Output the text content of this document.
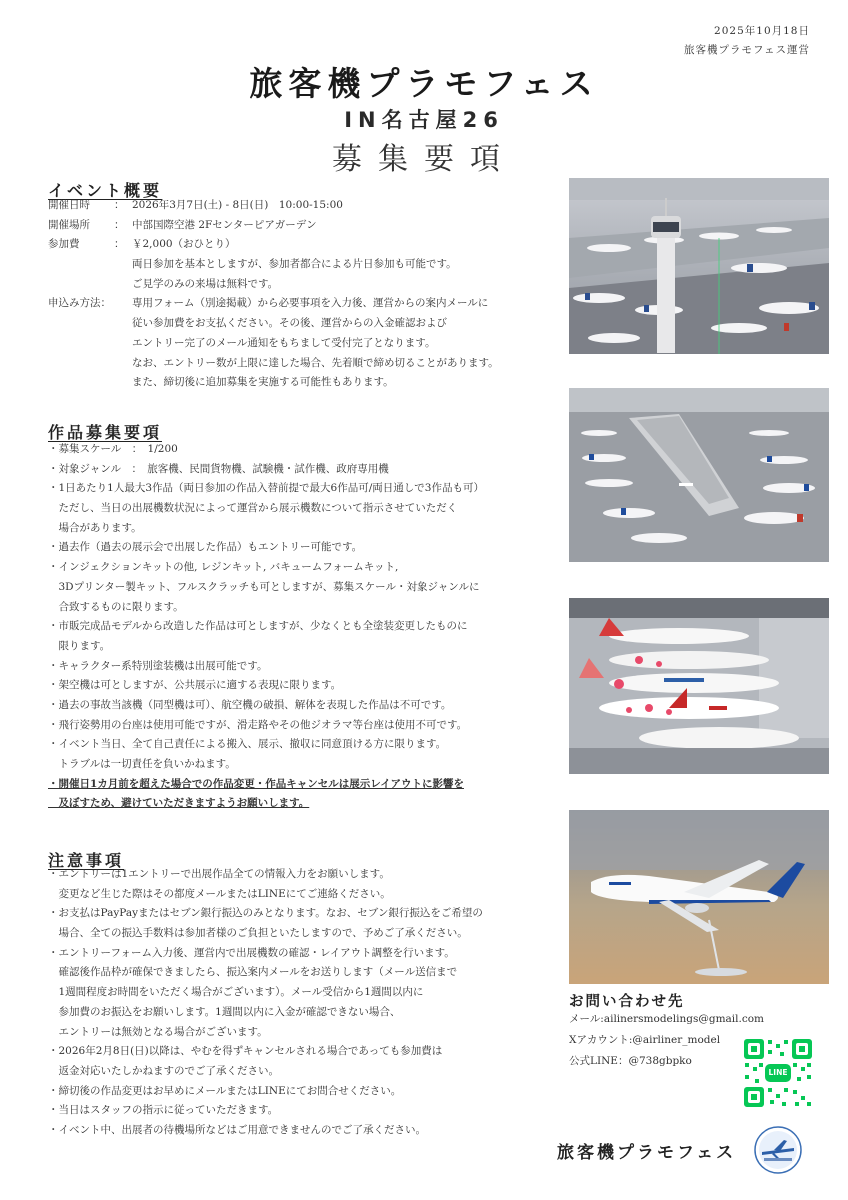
2025年10月18日
旅客機プラモフェス運営
旅客機プラモフェス
IN名古屋26
募集要項
イベント概要
開催日時	： 2026年3月7日(土) - 8日(日)　10:00-15:00
開催場所	： 中部国際空港 2Fセンターピアガーデン
参加費	： ￥2,000（おひとり）
両日参加を基本としますが、参加者都合による片日参加も可能です。
ご見学のみの来場は無料です。
申込み方法：	専用フォーム（別途掲載）から必要事項を入力後、運営からの案内メールに
従い参加費をお支払ください。その後、運営からの入金確認および
エントリー完了のメール通知をもちまして受付完了となります。
なお、エントリー数が上限に達した場合、先着順で締め切ることがあります。
また、締切後に追加募集を実施する可能性もあります。
作品募集要項
・募集スケール　：　1/200
・対象ジャンル　：　旅客機、民間貨物機、試験機・試作機、政府専用機
・1日あたり1人最大3作品（両日参加の作品入替前提で最大6作品可/両日通しで3作品も可）
　ただし、当日の出展機数状況によって運営から展示機数について指示させていただく
　場合があります。
・過去作（過去の展示会で出展した作品）もエントリー可能です。
・インジェクションキットの他, レジンキット, バキュームフォームキット,
　3Dプリンター製キット、フルスクラッチも可としますが、募集スケール・対象ジャンルに
　合致するものに限ります。
・市販完成品モデルから改造した作品は可としますが、少なくとも全塗装変更したものに
　限ります。
・キャラクター系特別塗装機は出展可能です。
・架空機は可としますが、公共展示に適する表現に限ります。
・過去の事故当該機（同型機は可）、航空機の破損、解体を表現した作品は不可です。
・飛行姿勢用の台座は使用可能ですが、滑走路やその他ジオラマ等台座は使用不可です。
・イベント当日、全て自己責任による搬入、展示、撤収に同意頂ける方に限ります。
　トラブルは一切責任を負いかねます。
・開催日1カ月前を超えた場合での作品変更・作品キャンセルは展示レイアウトに影響を
　及ぼすため、避けていただきますようお願いします。
注意事項
・エントリーは1エントリーで出展作品全ての情報入力をお願いします。
　変更など生じた際はその都度メールまたはLINEにてご連絡ください。
・お支払はPayPayまたはセブン銀行振込のみとなります。なお、セブン銀行振込をご希望の
　場合、全ての振込手数料は参加者様のご負担といたしますので、予めご了承ください。
・エントリーフォーム入力後、運営内で出展機数の確認・レイアウト調整を行います。
　確認後作品枠が確保できましたら、振込案内メールをお送りします（メール送信まで
　1週間程度お時間をいただく場合がございます）。メール受信から1週間以内に
　参加費のお振込をお願いします。1週間以内に入金が確認できない場合、
　エントリーは無効となる場合がございます。
・2026年2月8日(日)以降は、やむを得ずキャンセルされる場合であっても参加費は
　返金対応いたしかねますのでご了承ください。
・締切後の作品変更はお早めにメールまたはLINEにてお問合せください。
・当日はスタッフの指示に従っていただきます。
・イベント中、出展者の待機場所などはご用意できませんのでご了承ください。
お問い合わせ先
メール:ailinersmodelings@gmail.com
Xアカウント:@airliner_model
公式LINE：@738gbpko
LINE
旅客機プラモフェス
